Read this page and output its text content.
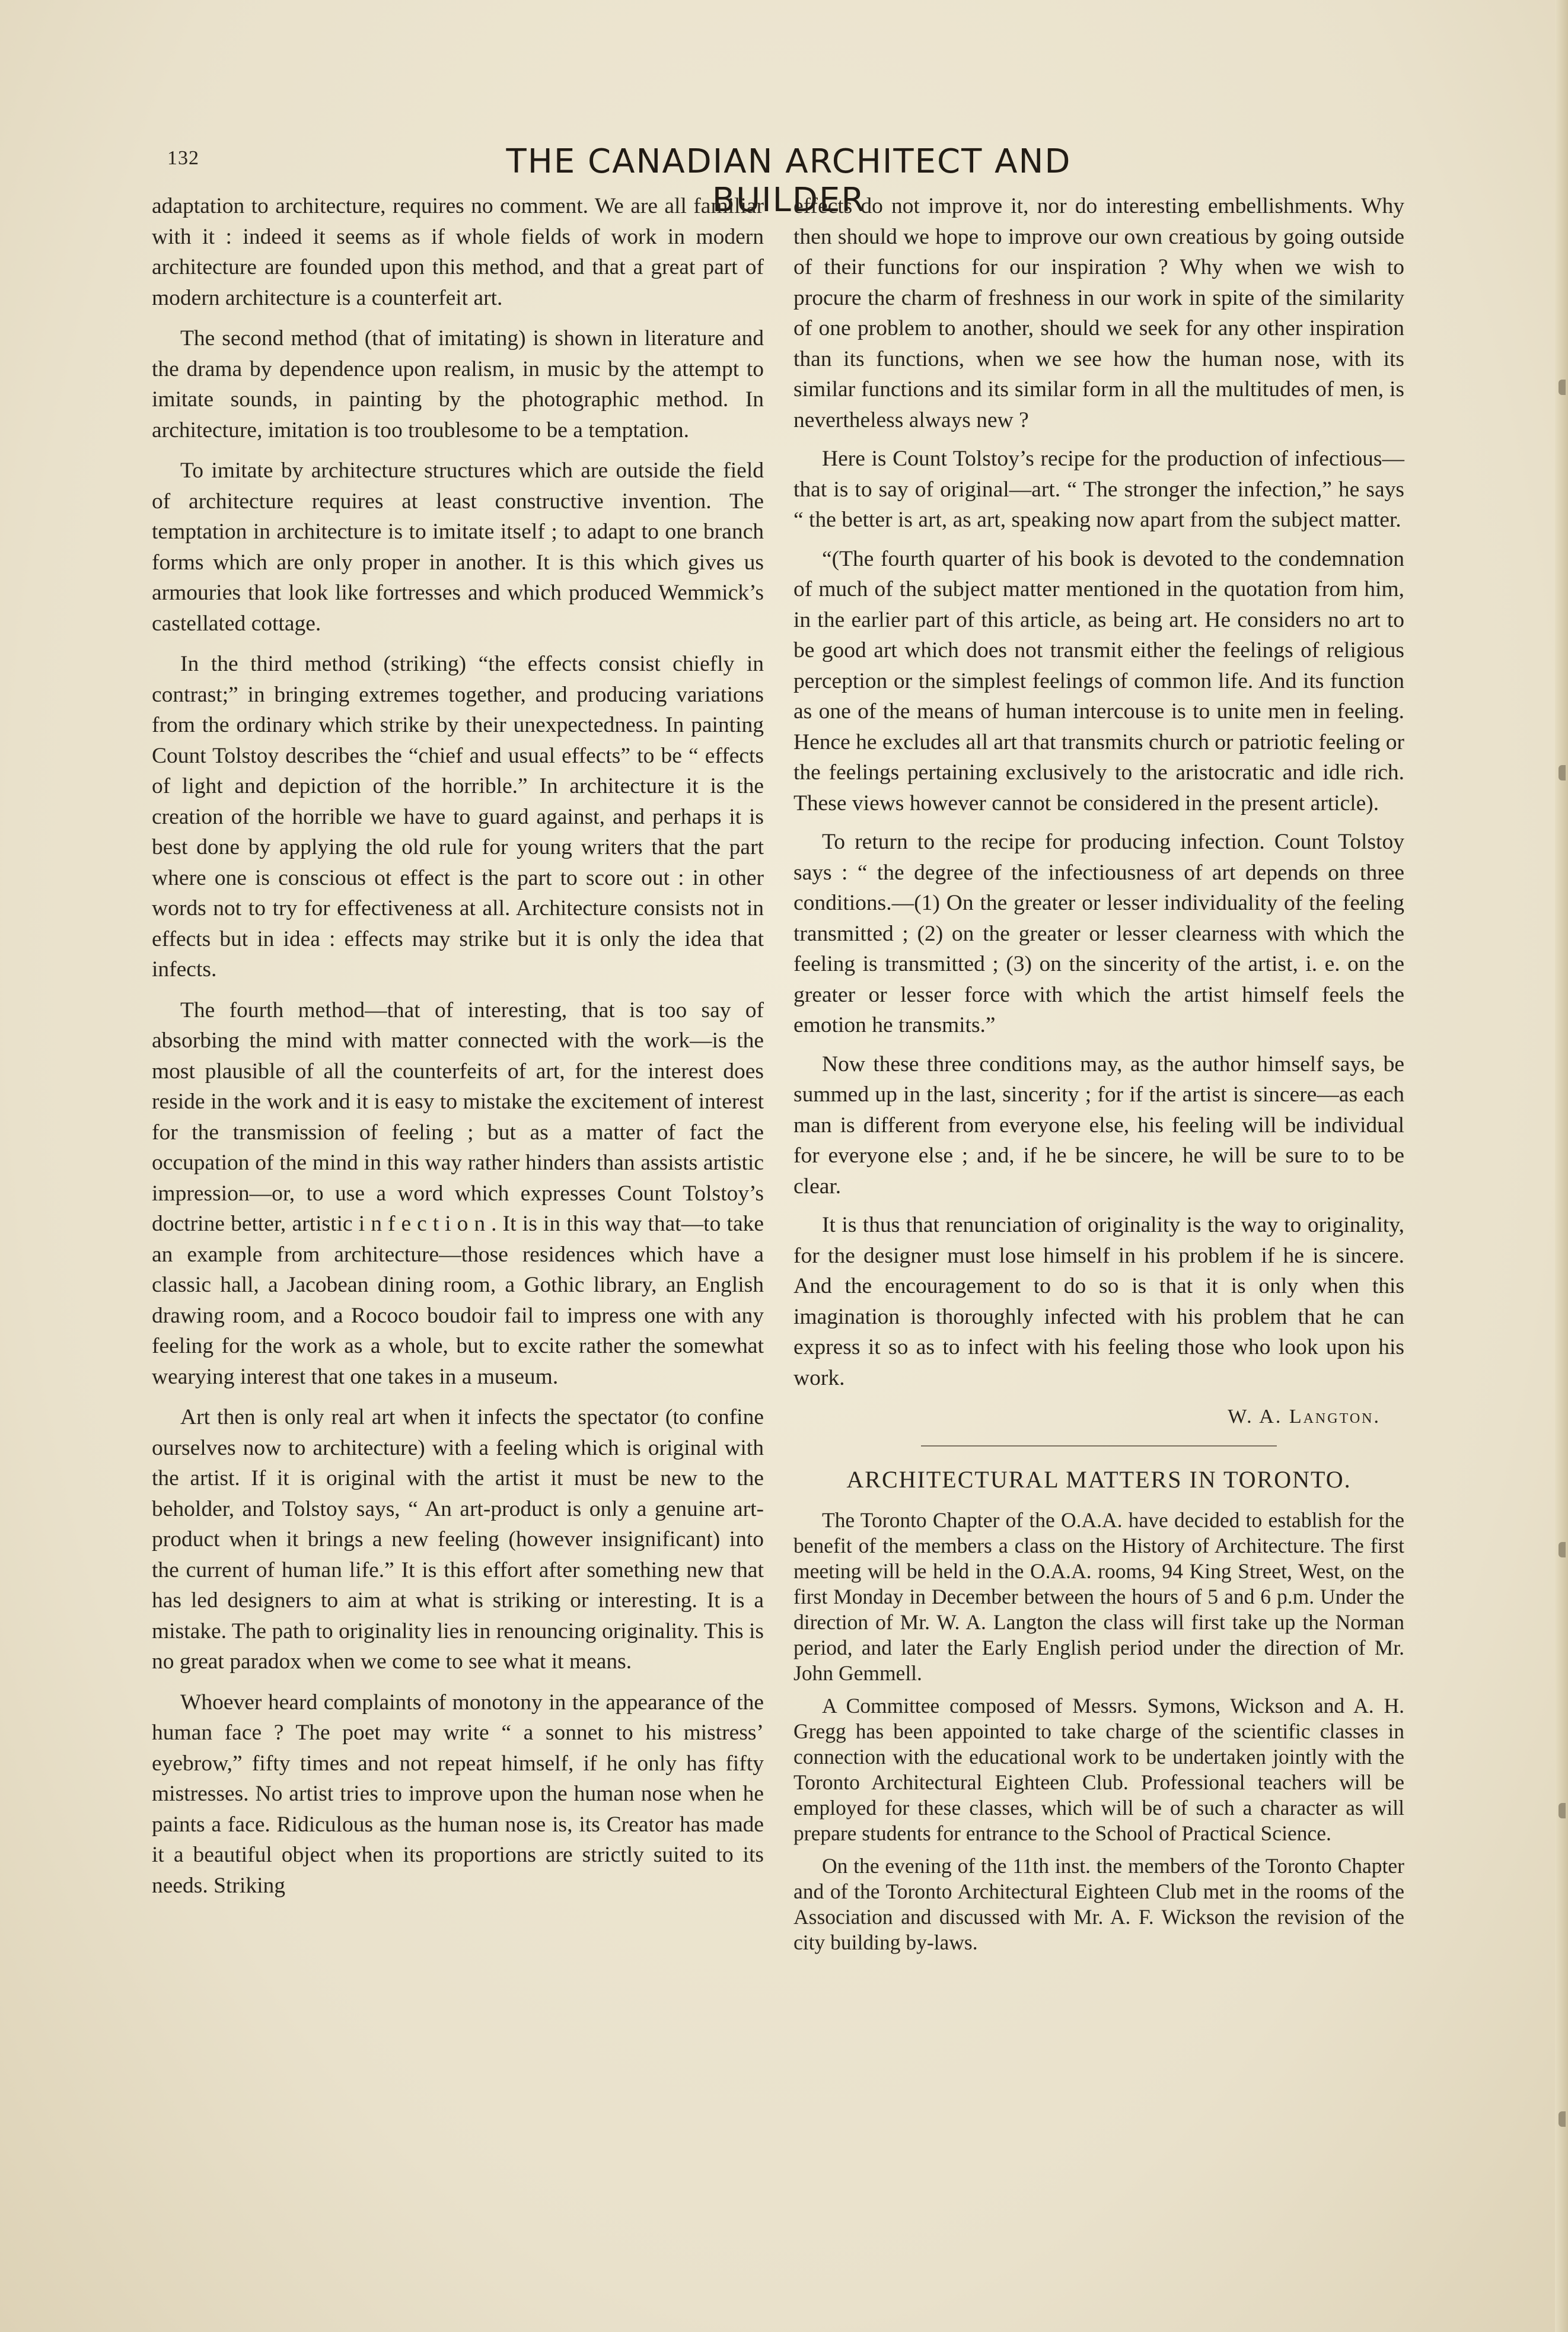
132	THE CANADIAN ARCHITECT AND BUILDER

adaptation to architecture, requires no comment. We are all familiar with it : indeed it seems as if whole fields of work in modern architecture are founded upon this method, and that a great part of modern architecture is a counterfeit art.

The second method (that of imitating) is shown in literature and the drama by dependence upon realism, in music by the attempt to imitate sounds, in painting by the photographic method. In architecture, imitation is too troublesome to be a temptation.

To imitate by architecture structures which are outside the field of architecture requires at least constructive invention. The temptation in architecture is to imitate itself ; to adapt to one branch forms which are only proper in another. It is this which gives us armouries that look like fortresses and which produced Wemmick’s castellated cottage.

In the third method (striking) “the effects consist chiefly in contrast;” in bringing extremes together, and producing variations from the ordinary which strike by their unexpectedness. In painting Count Tolstoy describes the “chief and usual effects” to be “ effects of light and depiction of the horrible.” In architecture it is the creation of the horrible we have to guard against, and perhaps it is best done by applying the old rule for young writers that the part where one is conscious ot effect is the part to score out : in other words not to try for effectiveness at all. Architecture consists not in effects but in idea : effects may strike but it is only the idea that infects.

The fourth method—that of interesting, that is too say of absorbing the mind with matter connected with the work—is the most plausible of all the counterfeits of art, for the interest does reside in the work and it is easy to mistake the excitement of interest for the transmission of feeling ; but as a matter of fact the occupation of the mind in this way rather hinders than assists artistic impression—or, to use a word which expresses Count Tolstoy’s doctrine better, artistic infection. It is in this way that—to take an example from architecture—those residences which have a classic hall, a Jacobean dining room, a Gothic library, an English drawing room, and a Rococo boudoir fail to impress one with any feeling for the work as a whole, but to excite rather the somewhat wearying interest that one takes in a museum.

Art then is only real art when it infects the spectator (to confine ourselves now to architecture) with a feeling which is original with the artist. If it is original with the artist it must be new to the beholder, and Tolstoy says, “ An art-product is only a genuine art-product when it brings a new feeling (however insignificant) into the current of human life.” It is this effort after something new that has led designers to aim at what is striking or interesting. It is a mistake. The path to originality lies in renouncing originality. This is no great paradox when we come to see what it means.

Whoever heard complaints of monotony in the appearance of the human face ? The poet may write “ a sonnet to his mistress’ eyebrow,” fifty times and not repeat himself, if he only has fifty mistresses. No artist tries to improve upon the human nose when he paints a face. Ridiculous as the human nose is, its Creator has made it a beautiful object when its proportions are strictly suited to its needs. Striking

effects do not improve it, nor do interesting embellishments. Why then should we hope to improve our own creatious by going outside of their functions for our inspiration ? Why when we wish to procure the charm of freshness in our work in spite of the similarity of one problem to another, should we seek for any other inspiration than its functions, when we see how the human nose, with its similar functions and its similar form in all the multitudes of men, is nevertheless always new ?

Here is Count Tolstoy’s recipe for the production of infectious—that is to say of original—art. “ The stronger the infection,” he says “ the better is art, as art, speaking now apart from the subject matter.

“(The fourth quarter of his book is devoted to the condemnation of much of the subject matter mentioned in the quotation from him, in the earlier part of this article, as being art. He considers no art to be good art which does not transmit either the feelings of religious perception or the simplest feelings of common life. And its function as one of the means of human intercouse is to unite men in feeling. Hence he excludes all art that transmits church or patriotic feeling or the feelings pertaining exclusively to the aristocratic and idle rich. These views however cannot be considered in the present article).

To return to the recipe for producing infection. Count Tolstoy says : “ the degree of the infectiousness of art depends on three conditions.—(1) On the greater or lesser individuality of the feeling transmitted ; (2) on the greater or lesser clearness with which the feeling is transmitted ; (3) on the sincerity of the artist, i. e. on the greater or lesser force with which the artist himself feels the emotion he transmits.”

Now these three conditions may, as the author himself says, be summed up in the last, sincerity ; for if the artist is sincere—as each man is different from everyone else, his feeling will be individual for everyone else ; and, if he be sincere, he will be sure to to be clear.

It is thus that renunciation of originality is the way to originality, for the designer must lose himself in his problem if he is sincere. And the encouragement to do so is that it is only when this imagination is thoroughly infected with his problem that he can express it so as to infect with his feeling those who look upon his work.

W. A. Langton.
ARCHITECTURAL MATTERS IN TORONTO.

The Toronto Chapter of the O.A.A. have decided to establish for the benefit of the members a class on the History of Architecture. The first meeting will be held in the O.A.A. rooms, 94 King Street, West, on the first Monday in December between the hours of 5 and 6 p.m. Under the direction of Mr. W. A. Langton the class will first take up the Norman period, and later the Early English period under the direction of Mr. John Gemmell.

A Committee composed of Messrs. Symons, Wickson and A. H. Gregg has been appointed to take charge of the scientific classes in connection with the educational work to be undertaken jointly with the Toronto Architectural Eighteen Club. Professional teachers will be employed for these classes, which will be of such a character as will prepare students for entrance to the School of Practical Science.

On the evening of the 11th inst. the members of the Toronto Chapter and of the Toronto Architectural Eighteen Club met in the rooms of the Association and discussed with Mr. A. F. Wickson the revision of the city building by-laws.
